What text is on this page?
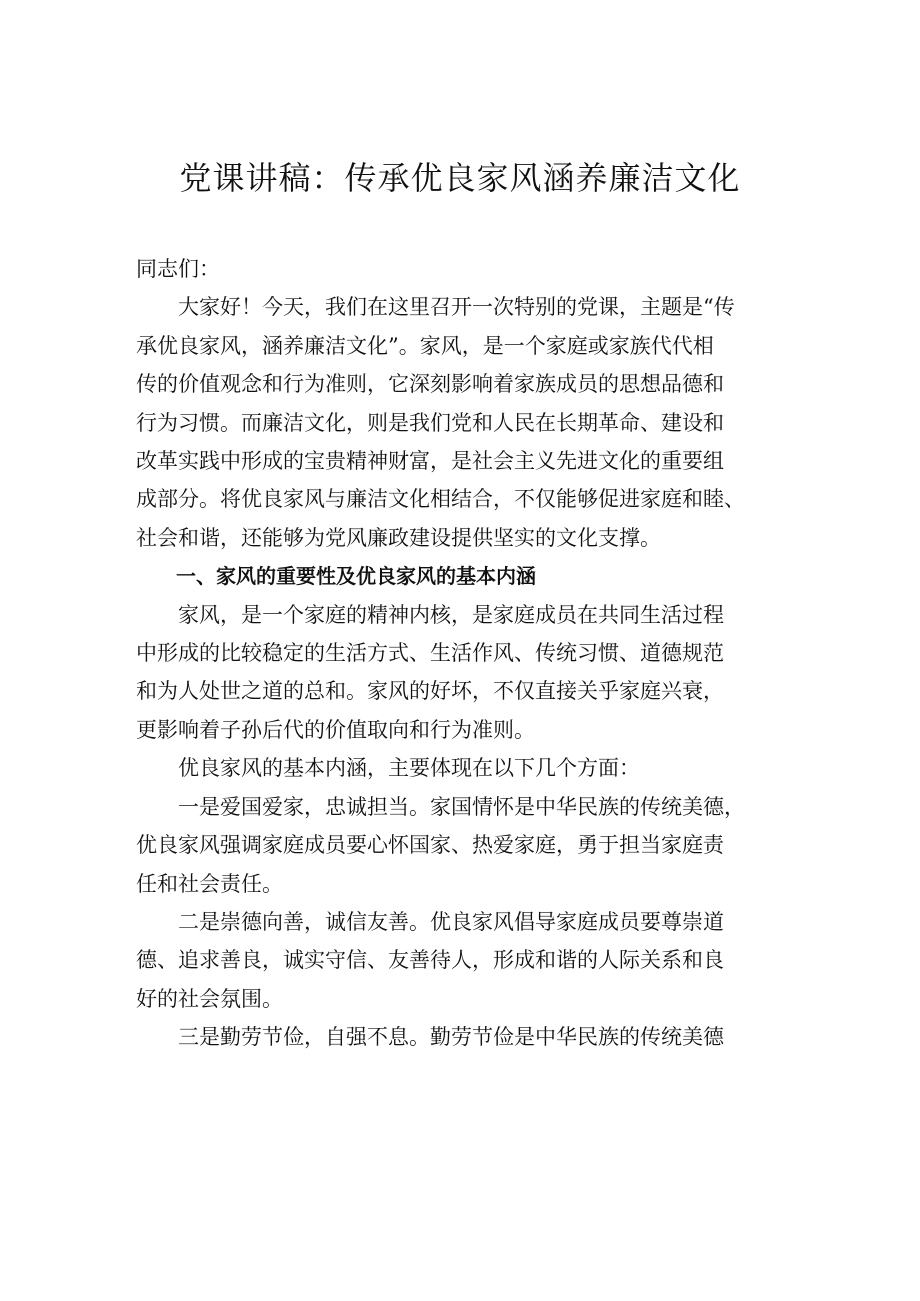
党课讲稿：传承优良家风涵养廉洁文化

同志们：

大家好！今天，我们在这里召开一次特别的党课，主题是“传
承优良家风，涵养廉洁文化”。家风，是一个家庭或家族代代相
传的价值观念和行为准则，它深刻影响着家族成员的思想品德和
行为习惯。而廉洁文化，则是我们党和人民在长期革命、建设和
改革实践中形成的宝贵精神财富，是社会主义先进文化的重要组
成部分。将优良家风与廉洁文化相结合，不仅能够促进家庭和睦、
社会和谐，还能够为党风廉政建设提供坚实的文化支撑。

一、家风的重要性及优良家风的基本内涵

家风，是一个家庭的精神内核，是家庭成员在共同生活过程
中形成的比较稳定的生活方式、生活作风、传统习惯、道德规范
和为人处世之道的总和。家风的好坏，不仅直接关乎家庭兴衰，
更影响着子孙后代的价值取向和行为准则。

优良家风的基本内涵，主要体现在以下几个方面：

一是爱国爱家，忠诚担当。家国情怀是中华民族的传统美德，
优良家风强调家庭成员要心怀国家、热爱家庭，勇于担当家庭责
任和社会责任。

二是崇德向善，诚信友善。优良家风倡导家庭成员要尊崇道
德、追求善良，诚实守信、友善待人，形成和谐的人际关系和良
好的社会氛围。

三是勤劳节俭，自强不息。勤劳节俭是中华民族的传统美德
